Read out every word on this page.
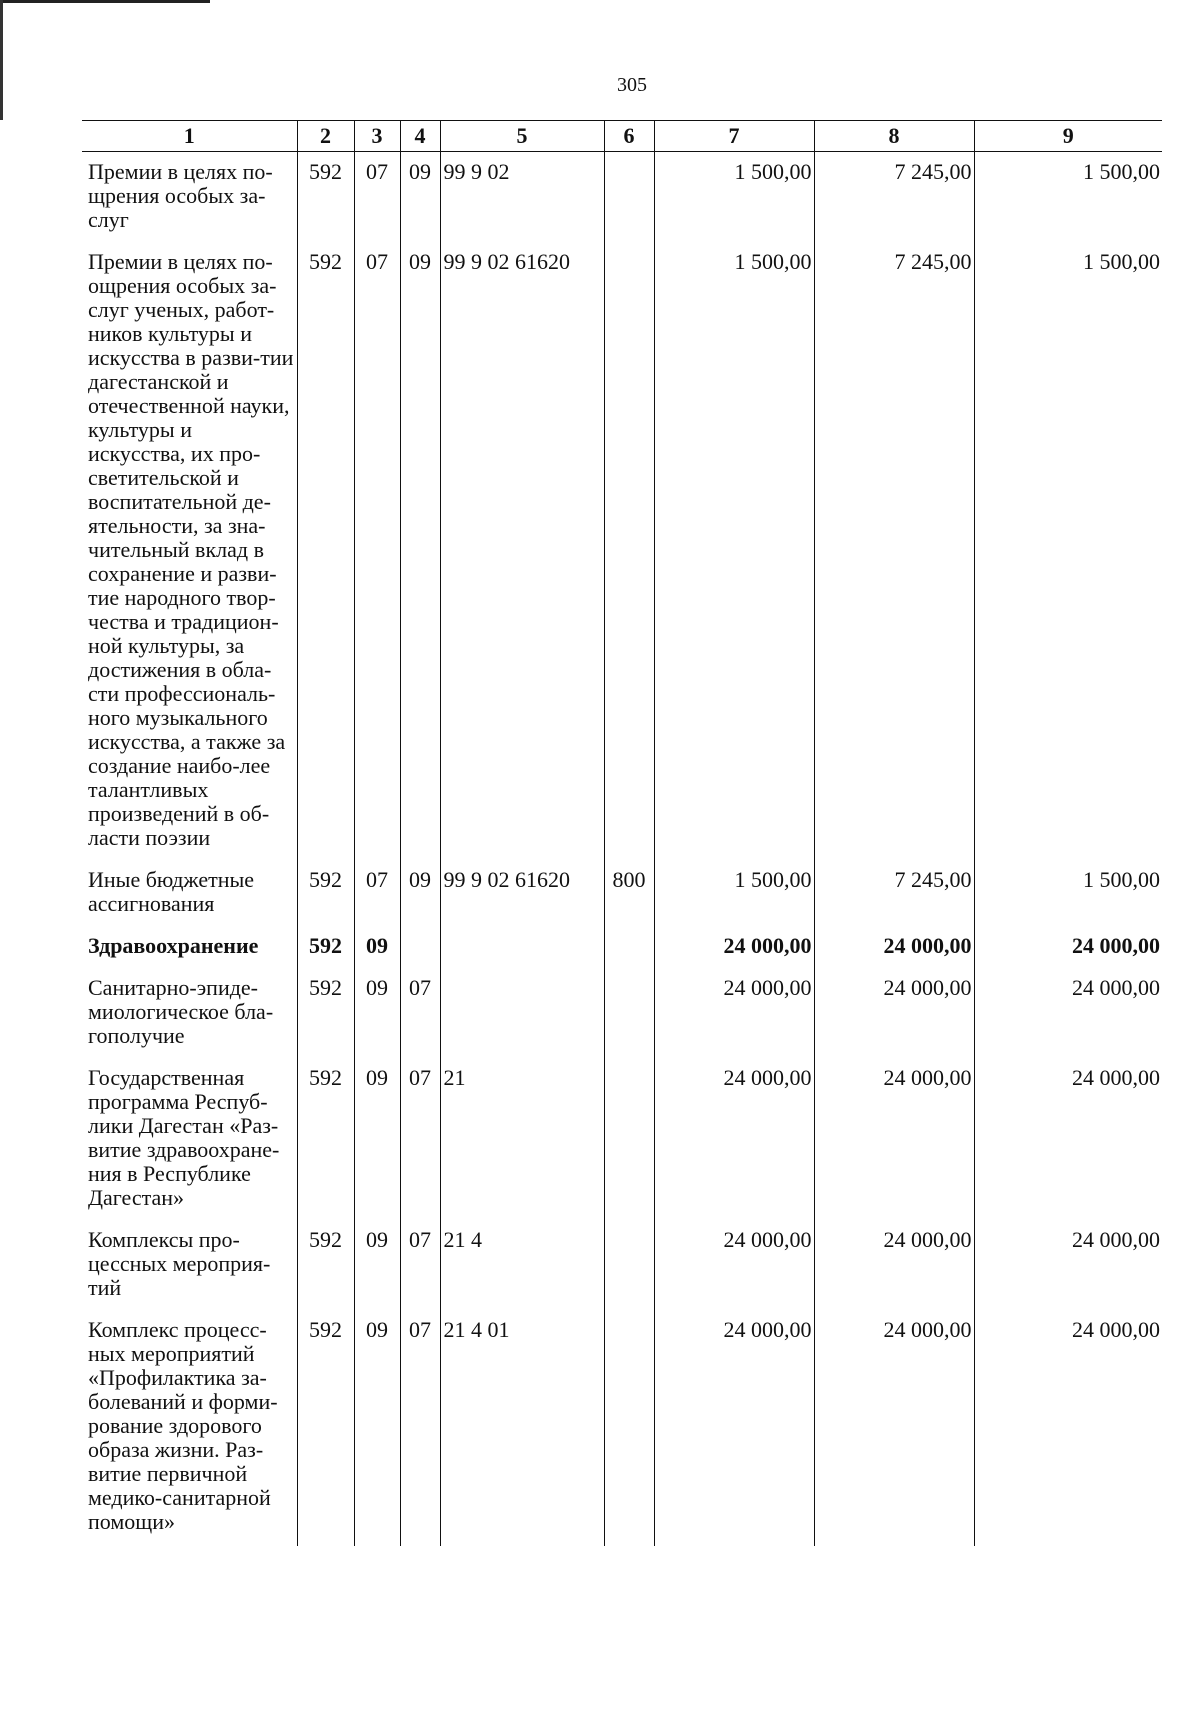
305
1	2	3	4	5	6	7	8	9
Премии в целях по-щрения особых за-слуг	592	07	09	99 9 02		1 500,00	7 245,00	1 500,00
Премии в целях по-ощрения особых за-слуг ученых, работ-ников культуры и искусства в разви-тии дагестанской и отечественной науки, культуры и искусства, их про-светительской и воспитательной де-ятельности, за зна-чительный вклад в сохранение и разви-тие народного твор-чества и традицион-ной культуры, за достижения в обла-сти профессиональ-ного музыкального искусства, а также за создание наибо-лее талантливых произведений в об-ласти поэзии	592	07	09	99 9 02 61620		1 500,00	7 245,00	1 500,00
Иные бюджетные ассигнования	592	07	09	99 9 02 61620	800	1 500,00	7 245,00	1 500,00
Здравоохранение	592	09				24 000,00	24 000,00	24 000,00
Санитарно-эпиде-миологическое бла-гополучие	592	09	07			24 000,00	24 000,00	24 000,00
Государственная программа Респуб-лики Дагестан «Раз-витие здравоохране-ния в Республике Дагестан»	592	09	07	21		24 000,00	24 000,00	24 000,00
Комплексы про-цессных мероприя-тий	592	09	07	21 4		24 000,00	24 000,00	24 000,00
Комплекс процесс-ных мероприятий «Профилактика за-болеваний и форми-рование здорового образа жизни. Раз-витие первичной медико-санитарной помощи»	592	09	07	21 4 01		24 000,00	24 000,00	24 000,00
